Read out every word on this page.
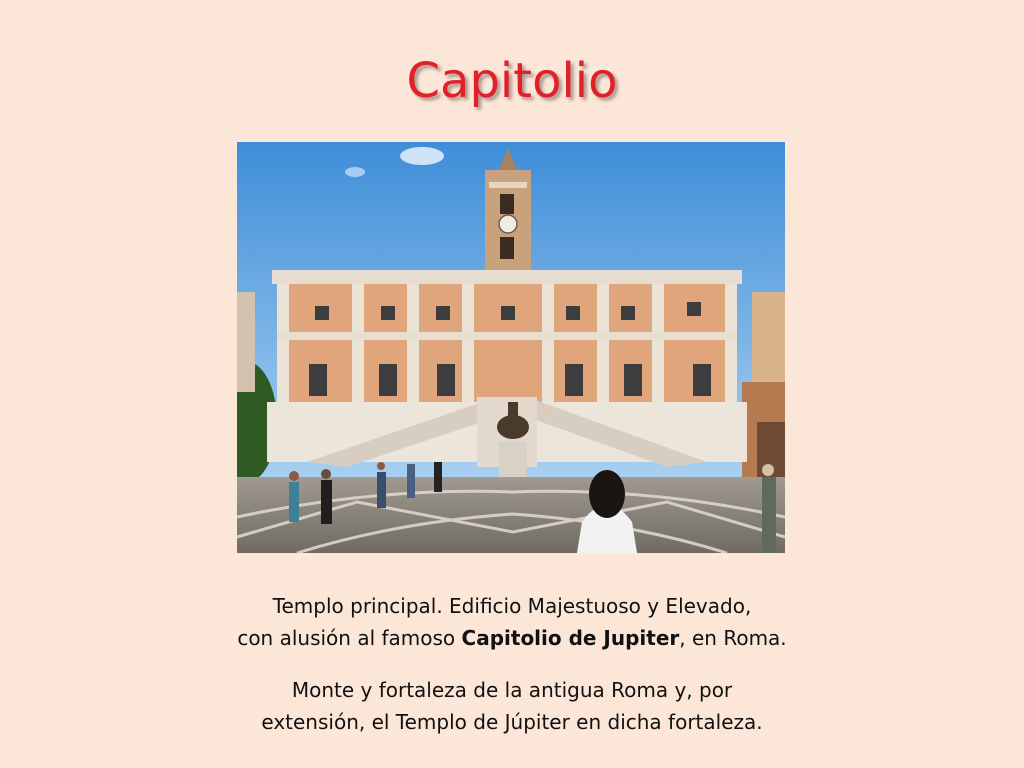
Capitolio

Templo principal. Edificio Majestuoso y Elevado,
con alusión al famoso Capitolio de Jupiter, en Roma.

Monte y fortaleza de la antigua Roma y, por
extensión, el Templo de Júpiter en dicha fortaleza.
